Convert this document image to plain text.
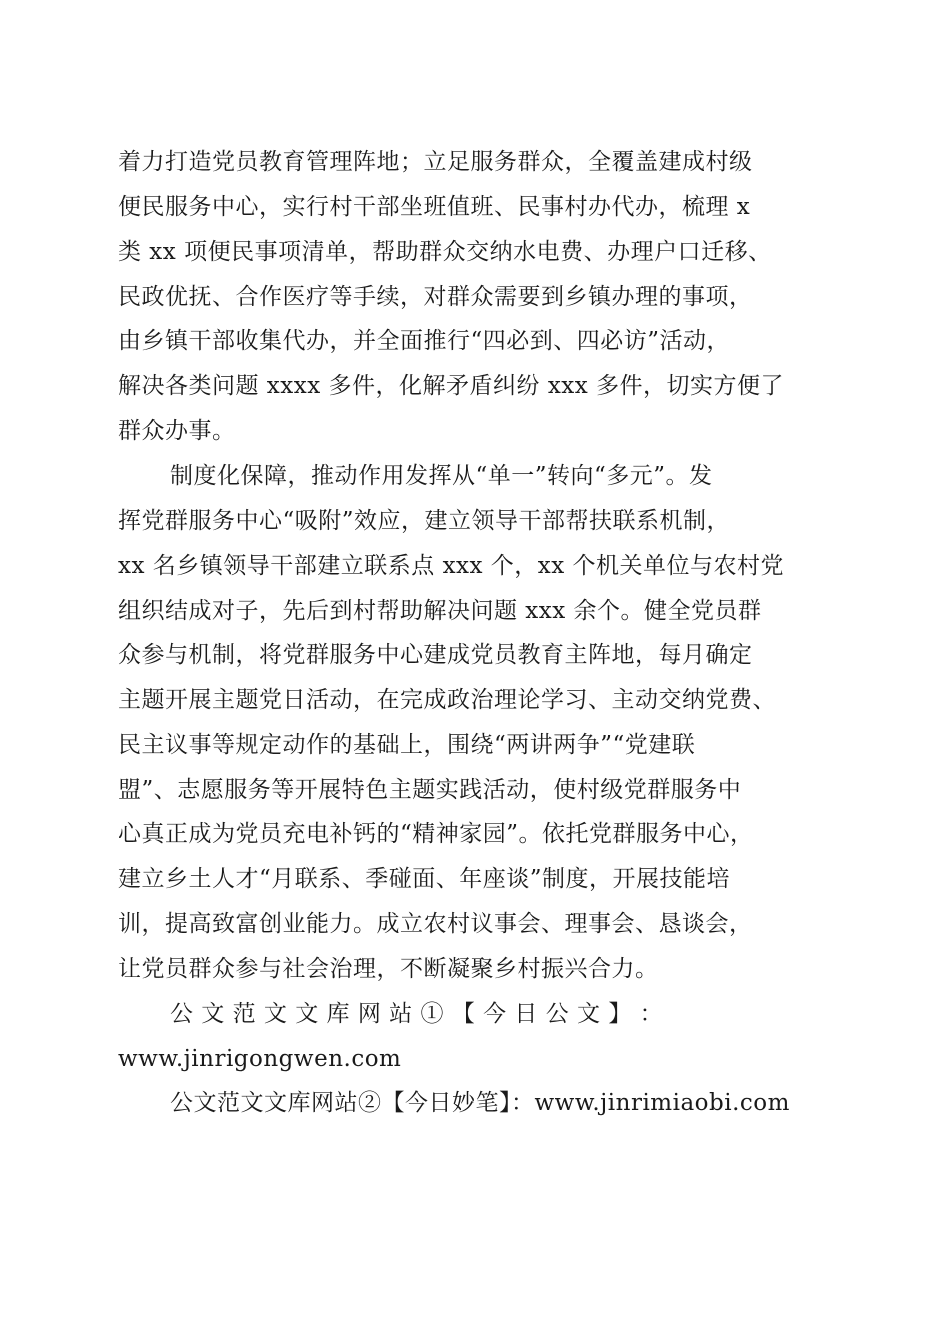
着力打造党员教育管理阵地；立足服务群众，全覆盖建成村级
便民服务中心，实行村干部坐班值班、民事村办代办，梳理 x
类 xx 项便民事项清单，帮助群众交纳水电费、办理户口迁移、
民政优抚、合作医疗等手续，对群众需要到乡镇办理的事项，
由乡镇干部收集代办，并全面推行“四必到、四必访”活动，
解决各类问题 xxxx 多件，化解矛盾纠纷 xxx 多件，切实方便了
群众办事。
制度化保障，推动作用发挥从“单一”转向“多元”。发
挥党群服务中心“吸附”效应，建立领导干部帮扶联系机制，
xx 名乡镇领导干部建立联系点 xxx 个，xx 个机关单位与农村党
组织结成对子，先后到村帮助解决问题 xxx 余个。健全党员群
众参与机制，将党群服务中心建成党员教育主阵地，每月确定
主题开展主题党日活动，在完成政治理论学习、主动交纳党费、
民主议事等规定动作的基础上，围绕“两讲两争”“党建联
盟”、志愿服务等开展特色主题实践活动，使村级党群服务中
心真正成为党员充电补钙的“精神家园”。依托党群服务中心，
建立乡土人才“月联系、季碰面、年座谈”制度，开展技能培
训，提高致富创业能力。成立农村议事会、理事会、恳谈会，
让党员群众参与社会治理，不断凝聚乡村振兴合力。
公 文 范 文 文 库 网 站 ① 【 今 日 公 文 】 ：
www.jinrigongwen.com
公文范文文库网站②【今日妙笔】：www.jinrimiaobi.com
